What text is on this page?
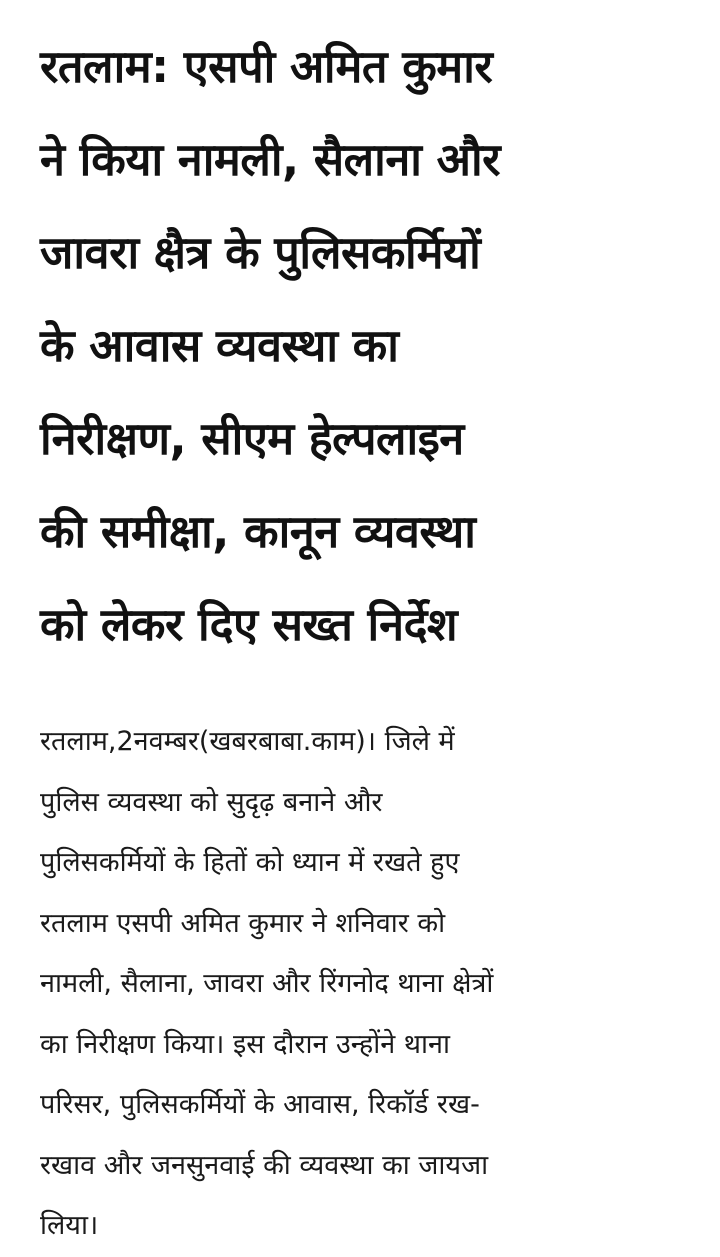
रतलाम: एसपी अमित कुमार
ने किया नामली, सैलाना और
जावरा क्षैत्र के पुलिसकर्मियों
के आवास व्यवस्था का
निरीक्षण, सीएम हेल्पलाइन
की समीक्षा, कानून व्यवस्था
को लेकर दिए सख्त निर्देश

रतलाम,2नवम्बर(खबरबाबा.काम)। जिले में
पुलिस व्यवस्था को सुदृढ़ बनाने और
पुलिसकर्मियों के हितों को ध्यान में रखते हुए
रतलाम एसपी अमित कुमार ने शनिवार को
नामली, सैलाना, जावरा और रिंगनोद थाना क्षेत्रों
का निरीक्षण किया। इस दौरान उन्होंने थाना
परिसर, पुलिसकर्मियों के आवास, रिकॉर्ड रख-
रखाव और जनसुनवाई की व्यवस्था का जायजा
लिया।
